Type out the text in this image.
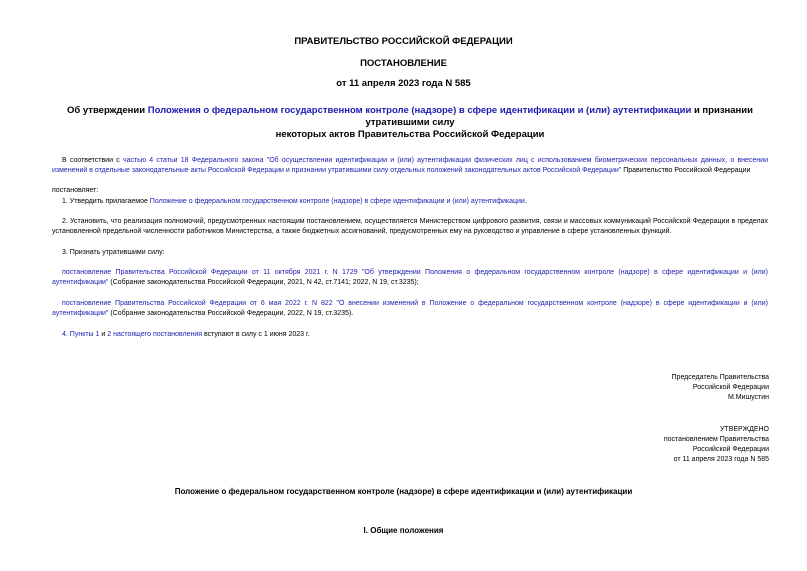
ПРАВИТЕЛЬСТВО РОССИЙСКОЙ ФЕДЕРАЦИИ
ПОСТАНОВЛЕНИЕ
от 11 апреля 2023 года N 585
Об утверждении Положения о федеральном государственном контроле (надзоре) в сфере идентификации и (или) аутентификации и признании утратившими силу
некоторых актов Правительства Российской Федерации
В соответствии с частью 4 статьи 18 Федерального закона "Об осуществлении идентификации и (или) аутентификации физических лиц с использованием биометрических персональных данных, о внесении изменений в отдельные законодательные акты Российской Федерации и признании утратившими силу отдельных положений законодательных актов Российской Федерации" Правительство Российской Федерации
постановляет:
1. Утвердить прилагаемое Положение о федеральном государственном контроле (надзоре) в сфере идентификации и (или) аутентификации.
2. Установить, что реализация полномочий, предусмотренных настоящим постановлением, осуществляется Министерством цифрового развития, связи и массовых коммуникаций Российской Федерации в пределах установленной предельной численности работников Министерства, а также бюджетных ассигнований, предусмотренных ему на руководство и управление в сфере установленных функций.
3. Признать утратившими силу:
постановление Правительства Российской Федерации от 11 октября 2021 г. N 1729 "Об утверждении Положения о федеральном государственном контроле (надзоре) в сфере идентификации и (или) аутентификации" (Собрание законодательства Российской Федерации, 2021, N 42, ст.7141; 2022, N 19, ст.3235);
постановление Правительства Российской Федерации от 6 мая 2022 г. N 822 "О внесении изменений в Положение о федеральном государственном контроле (надзоре) в сфере идентификации и (или) аутентификации" (Собрание законодательства Российской Федерации, 2022, N 19, ст.3235).
4. Пункты 1 и 2 настоящего постановления вступают в силу с 1 июня 2023 г.
Председатель Правительства
Российской Федерации
М.Мишустин
УТВЕРЖДЕНО
постановлением Правительства
Российской Федерации
от 11 апреля 2023 года N 585
Положение о федеральном государственном контроле (надзоре) в сфере идентификации и (или) аутентификации
I. Общие положения
